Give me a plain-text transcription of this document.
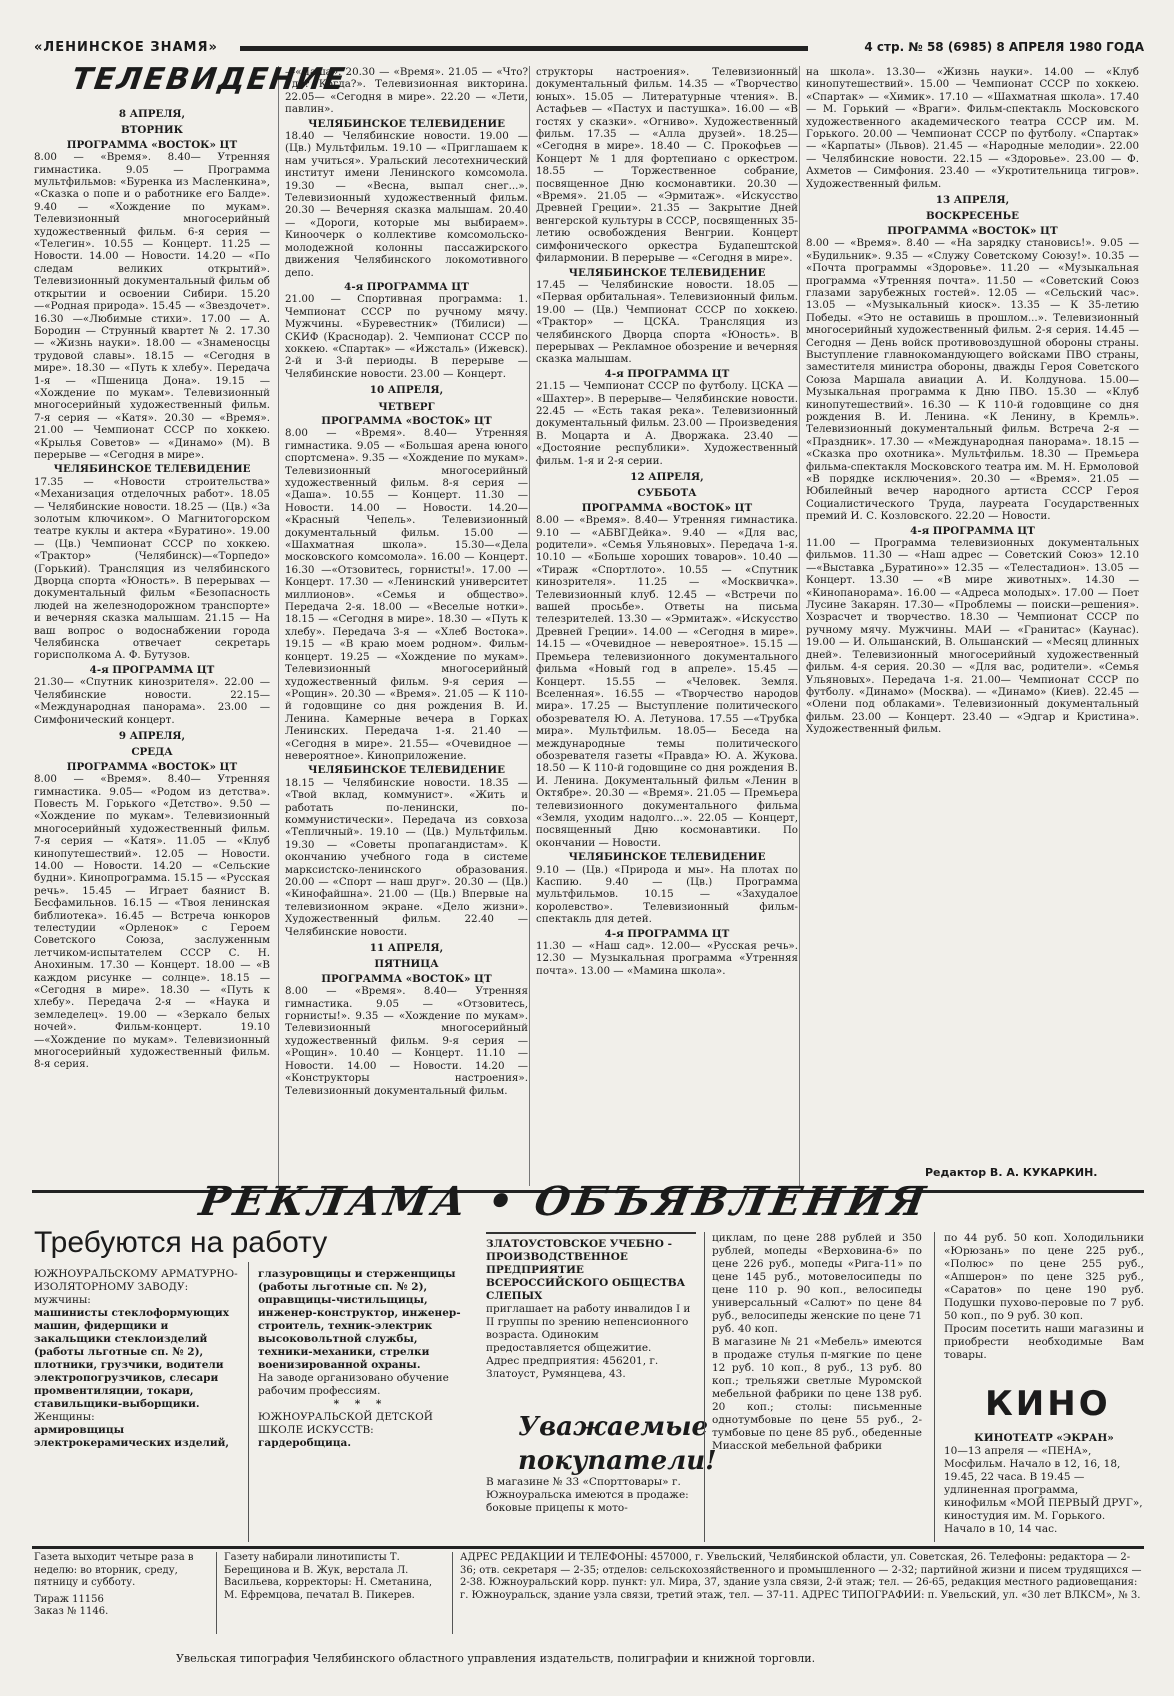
«ЛЕНИНСКОЕ ЗНАМЯ»	4 стр. № 58 (6985) 8 АПРЕЛЯ 1980 ГОДА

8 АПРЕЛЯ,

ВТОРНИК

ПРОГРАММА «ВОСТОК» ЦТ

8.00 — «Время». 8.40— Утренняя гимнастика. 9.05 — Программа мультфильмов: «Буренка из Масленкина», «Сказка о попе и о работнике его Балде». 9.40 — «Хождение по мукам». Телевизионный многосерийный художественный фильм. 6-я серия — «Телегин». 10.55 — Концерт. 11.25 — Новости. 14.00 — Новости. 14.20 — «По следам великих открытий». Телевизионный документальный фильм об открытии и освоении Сибири. 15.20 —«Родная природа». 15.45 — «Звездочет». 16.30 —«Любимые стихи». 17.00 — А. Бородин — Струнный квартет № 2. 17.30 — «Жизнь науки». 18.00 — «Знаменосцы трудовой славы». 18.15 — «Сегодня в мире». 18.30 — «Путь к хлебу». Передача 1-я — «Пшеница Дона». 19.15 — «Хождение по мукам». Телевизионный многосерийный художественный фильм. 7-я серия — «Катя». 20.30 — «Время». 21.00 — Чемпионат СССР по хоккею. «Крылья Советов» — «Динамо» (М). В перерыве — «Сегодня в мире».

ЧЕЛЯБИНСКОЕ ТЕЛЕВИДЕНИЕ

17.35 — «Новости строительства» «Механизация отделочных работ». 18.05 — Челябинские новости. 18.25 — (Цв.) «За золотым ключиком». О Магнитогорском театре куклы и актера «Буратино». 19.00 — (Цв.) Чемпионат СССР по хоккею. «Трактор» (Челябинск)—«Торпедо» (Горький). Трансляция из челябинского Дворца спорта «Юность». В перерывах — документальный фильм «Безопасность людей на железнодорожном транспорте» и вечерняя сказка малышам. 21.15 — На ваш вопрос о водоснабжении города Челябинска отвечает секретарь горисполкома А. Ф. Бутузов.

4-я ПРОГРАММА ЦТ

21.30— «Спутник кинозрителя». 22.00 — Челябинские новости. 22.15— «Международная панорама». 23.00 — Симфонический концерт.

9 АПРЕЛЯ,

СРЕДА

ПРОГРАММА «ВОСТОК» ЦТ

8.00 — «Время». 8.40— Утренняя гимнастика. 9.05— «Родом из детства». Повесть М. Горького «Детство». 9.50 — «Хождение по мукам». Телевизионный многосерийный художественный фильм. 7-я серия — «Катя». 11.05 — «Клуб кинопутешествий». 12.05 — Новости. 14.00 — Новости. 14.20 — «Сельские будни». Кинопрограмма. 15.15 — «Русская речь». 15.45 — Играет баянист В. Бесфамильнов. 16.15 — «Твоя ленинская библиотека». 16.45 — Встреча юнкоров телестудии «Орленок» с Героем Советского Союза, заслуженным летчиком-испытателем СССР С. Н. Анохиным. 17.30 — Концерт. 18.00 — «В каждом рисунке — солнце». 18.15 — «Сегодня в мире». 18.30 — «Путь к хлебу». Передача 2-я — «Наука и земледелец». 19.00 — «Зеркало белых ночей». Фильм-концерт. 19.10—«Хождение по мукам». Телевизионный многосерийный художественный фильм. 8-я серия.

—«Даша». 20.30 — «Время». 21.05 — «Что? Где? Когда?». Телевизионная викторина. 22.05— «Сегодня в мире». 22.20 — «Лети, павлин».

ЧЕЛЯБИНСКОЕ ТЕЛЕВИДЕНИЕ

18.40 — Челябинские новости. 19.00 — (Цв.) Мультфильм. 19.10 — «Приглашаем к нам учиться». Уральский лесотехнический институт имени Ленинского комсомола. 19.30 — «Весна, выпал снег...». Телевизионный художественный фильм. 20.30 — Вечерняя сказка малышам. 20.40 — «Дороги, которые мы выбираем». Киноочерк о коллективе комсомольско-молодежной колонны пассажирского движения Челябинского локомотивного депо.

4-я ПРОГРАММА ЦТ

21.00 — Спортивная программа: 1. Чемпионат СССР по ручному мячу. Мужчины. «Буревестник» (Тбилиси) — СКИФ (Краснодар). 2. Чемпионат СССР по хоккею. «Спартак» — «Ижсталь» (Ижевск). 2-й и 3-й периоды. В перерыве — Челябинские новости. 23.00 — Концерт.

10 АПРЕЛЯ,

ЧЕТВЕРГ

ПРОГРАММА «ВОСТОК» ЦТ

8.00 — «Время». 8.40— Утренняя гимнастика. 9.05 — «Большая арена юного спортсмена». 9.35 — «Хождение по мукам». Телевизионный многосерийный художественный фильм. 8-я серия — «Даша». 10.55 — Концерт. 11.30 — Новости. 14.00 — Новости. 14.20— «Красный Чепель». Телевизионный документальный фильм. 15.00 — «Шахматная школа». 15.30—«Дела московского комсомола». 16.00 — Концерт. 16.30 —«Отзовитесь, горнисты!». 17.00 — Концерт. 17.30 — «Ленинский университет миллионов». «Семья и общество». Передача 2-я. 18.00 — «Веселые нотки». 18.15 — «Сегодня в мире». 18.30 — «Путь к хлебу». Передача 3-я — «Хлеб Востока». 19.15 — «В краю моем родном». Фильм-концерт. 19.25 — «Хождение по мукам». Телевизионный многосерийный художественный фильм. 9-я серия — «Рощин». 20.30 — «Время». 21.05 — К 110-й годовщине со дня рождения В. И. Ленина. Камерные вечера в Горках Ленинских. Передача 1-я. 21.40 — «Сегодня в мире». 21.55— «Очевидное — невероятное». Киноприложение.

ЧЕЛЯБИНСКОЕ ТЕЛЕВИДЕНИЕ

18.15 — Челябинские новости. 18.35 — «Твой вклад, коммунист». «Жить и работать по-ленински, по-коммунистически». Передача из совхоза «Тепличный». 19.10 — (Цв.) Мультфильм. 19.30 — «Советы пропагандистам». К окончанию учебного года в системе марксистско-ленинского образования. 20.00 — «Спорт — наш друг». 20.30 — (Цв.) «Кинофайшна». 21.00 — (Цв.) Впервые на телевизионном экране. «Дело жизни». Художественный фильм. 22.40 — Челябинские новости.

11 АПРЕЛЯ,

ПЯТНИЦА

ПРОГРАММА «ВОСТОК» ЦТ

8.00 — «Время». 8.40— Утренняя гимнастика. 9.05 — «Отзовитесь, горнисты!». 9.35 — «Хождение по мукам». Телевизионный многосерийный художественный фильм. 9-я серия — «Рощин». 10.40 — Концерт. 11.10 — Новости. 14.00 — Новости. 14.20 — «Конструкторы настроения». Телевизионный документальный фильм.

структоры настроения». Телевизионный документальный фильм. 14.35 — «Творчество юных». 15.05 — Литературные чтения». В. Астафьев — «Пастух и пастушка». 16.00 — «В гостях у сказки». «Огниво». Художественный фильм. 17.35 — «Алла друзей». 18.25— «Сегодня в мире». 18.40 — С. Прокофьев — Концерт № 1 для фортепиано с оркестром. 18.55 — Торжественное собрание, посвященное Дню космонавтики. 20.30 — «Время». 21.05 — «Эрмитаж». «Искусство Древней Греции». 21.35 — Закрытие Дней венгерской культуры в СССР, посвященных 35-летию освобождения Венгрии. Концерт симфонического оркестра Будапештской филармонии. В перерыве — «Сегодня в мире».

ЧЕЛЯБИНСКОЕ ТЕЛЕВИДЕНИЕ

17.45 — Челябинские новости. 18.05 — «Первая орбитальная». Телевизионный фильм. 19.00 — (Цв.) Чемпионат СССР по хоккею. «Трактор» — ЦСКА. Трансляция из челябинского Дворца спорта «Юность». В перерывах — Рекламное обозрение и вечерняя сказка малышам.

4-я ПРОГРАММА ЦТ

21.15 — Чемпионат СССР по футболу. ЦСКА — «Шахтер». В перерыве— Челябинские новости. 22.45 — «Есть такая река». Телевизионный документальный фильм. 23.00 — Произведения В. Моцарта и А. Дворжака. 23.40 — «Достояние республики». Художественный фильм. 1-я и 2-я серии.

12 АПРЕЛЯ,

СУББОТА

ПРОГРАММА «ВОСТОК» ЦТ

8.00 — «Время». 8.40— Утренняя гимнастика. 9.10 — «АБВГДейка». 9.40 — «Для вас, родители». «Семья Ульяновых». Передача 1-я. 10.10 — «Больше хороших товаров». 10.40 — «Тираж «Спортлото». 10.55 — «Спутник кинозрителя». 11.25 — «Москвичка». Телевизионный клуб. 12.45 — «Встречи по вашей просьбе». Ответы на письма телезрителей. 13.30 — «Эрмитаж». «Искусство Древней Греции». 14.00 — «Сегодня в мире». 14.15 — «Очевидное — невероятное». 15.15 — Премьера телевизионного документального фильма «Новый год в апреле». 15.45 — Концерт. 15.55 — «Человек. Земля. Вселенная». 16.55 — «Творчество народов мира». 17.25 — Выступление политического обозревателя Ю. А. Летунова. 17.55 —«Трубка мира». Мультфильм. 18.05— Беседа на международные темы политического обозревателя газеты «Правда» Ю. А. Жукова. 18.50 — К 110-й годовщине со дня рождения В. И. Ленина. Документальный фильм «Ленин в Октябре». 20.30 — «Время». 21.05 — Премьера телевизионного документального фильма «Земля, уходим надолго...». 22.05 — Концерт, посвященный Дню космонавтики. По окончании — Новости.

ЧЕЛЯБИНСКОЕ ТЕЛЕВИДЕНИЕ

9.10 — (Цв.) «Природа и мы». На плотах по Каспию. 9.40 — (Цв.) Программа мультфильмов. 10.15 — «Захудалое королевство». Телевизионный фильм-спектакль для детей.

4-я ПРОГРАММА ЦТ

11.30 — «Наш сад». 12.00— «Русская речь». 12.30 — Музыкальная программа «Утренняя почта». 13.00 — «Мамина школа».

на школа». 13.30— «Жизнь науки». 14.00 — «Клуб кинопутешествий». 15.00 — Чемпионат СССР по хоккею. «Спартак» — «Химик». 17.10 — «Шахматная школа». 17.40— М. Горький — «Враги». Фильм-спектакль Московского художественного академического театра СССР им. М. Горького. 20.00 — Чемпионат СССР по футболу. «Спартак» — «Карпаты» (Львов). 21.45 — «Народные мелодии». 22.00 — Челябинские новости. 22.15 — «Здоровье». 23.00 — Ф. Ахметов — Симфония. 23.40 — «Укротительница тигров». Художественный фильм.

13 АПРЕЛЯ,

ВОСКРЕСЕНЬЕ

ПРОГРАММА «ВОСТОК» ЦТ

8.00 — «Время». 8.40 — «На зарядку становись!». 9.05 — «Будильник». 9.35 — «Служу Советскому Союзу!». 10.35 — «Почта программы «Здоровье». 11.20 — «Музыкальная программа «Утренняя почта». 11.50 — «Советский Союз глазами зарубежных гостей». 12.05 — «Сельский час». 13.05 — «Музыкальный киоск». 13.35 — К 35-летию Победы. «Это не оставишь в прошлом...». Телевизионный многосерийный художественный фильм. 2-я серия. 14.45 — Сегодня — День войск противовоздушной обороны страны. Выступление главнокомандующего войсками ПВО страны, заместителя министра обороны, дважды Героя Советского Союза Маршала авиации А. И. Колдунова. 15.00— Музыкальная программа к Дню ПВО. 15.30 — «Клуб кинопутешествий». 16.30 — К 110-й годовщине со дня рождения В. И. Ленина. «К Ленину, в Кремль». Телевизионный документальный фильм. Встреча 2-я — «Праздник». 17.30 — «Международная панорама». 18.15 — «Сказка про охотника». Мультфильм. 18.30 — Премьера фильма-спектакля Московского театра им. М. Н. Ермоловой «В порядке исключения». 20.30 — «Время». 21.05 — Юбилейный вечер народного артиста СССР Героя Социалистического Труда, лауреата Государственных премий И. С. Козловского. 22.20 — Новости.

4-я ПРОГРАММА ЦТ

11.00 — Программа телевизионных документальных фильмов. 11.30 — «Наш адрес — Советский Союз» 12.10 —«Выставка „Буратино»» 12.35 — «Телестадион». 13.05 — Концерт. 13.30 — «В мире животных». 14.30 — «Кинопанорама». 16.00 — «Адреса молодых». 17.00 — Поет Лусине Закарян. 17.30— «Проблемы — поиски—решения». Хозрасчет и творчество. 18.30 — Чемпионат СССР по ручному мячу. Мужчины. МАИ — «Гранитас» (Каунас). 19.00 — И. Ольшанский, В. Ольшанский — «Месяц длинных дней». Телевизионный многосерийный художественный фильм. 4-я серия. 20.30 — «Для вас, родители». «Семья Ульяновых». Передача 1-я. 21.00— Чемпионат СССР по футболу. «Динамо» (Москва). — «Динамо» (Киев). 22.45 — «Олени под облаками». Телевизионный документальный фильм. 23.00 — Концерт. 23.40 — «Эдгар и Кристина». Художественный фильм.

ТЕЛЕВИДЕНИЕ
Редактор В. А. КУКАРКИН.
РЕКЛАМА • ОБЪЯВЛЕНИЯ
Требуются на работу

ЮЖНОУРАЛЬСКОМУ АРМАТУРНО-ИЗОЛЯТОРНОМУ ЗАВОДУ:

мужчины:

машинисты стеклоформующих машин, фидерщики и закальщики стеклоизделий (работы льготные сп. № 2), плотники, грузчики, водители электропогрузчиков, слесари промвентиляции, токари, ставильщики-выборщики.

Женщины:

армировщицы электрокерамических изделий,

глазуровщицы и стерженщицы (работы льготные сп. № 2), оправщицы-чистильщицы, инженер-конструктор, инженер-строитель, техник-электрик высоковольтной службы, техники-механики, стрелки военизированной охраны.

На заводе организовано обучение рабочим профессиям.

* * *

ЮЖНОУРАЛЬСКОЙ ДЕТСКОЙ ШКОЛЕ ИСКУССТВ:

гардеробщица.

ЗЛАТОУСТОВСКОЕ УЧЕБНО - ПРОИЗВОДСТВЕННОЕ ПРЕДПРИЯТИЕ ВСЕРОССИЙСКОГО ОБЩЕСТВА СЛЕПЫХ

приглашает на работу инвалидов I и II группы по зрению непенсионного возраста. Одиноким предоставляется общежитие.

Адрес предприятия: 456201, г. Златоуст, Румянцева, 43.

Уважаемые покупатели!

В магазине № 33 «Спорттовары» г. Южноуральска имеются в продаже: боковые прицепы к мото-

циклам, по цене 288 рублей и 350 рублей, мопеды «Верховина-6» по цене 226 руб., мопеды «Рига-11» по цене 145 руб., мотовелосипеды по цене 110 р. 90 коп., велосипеды универсальный «Салют» по цене 84 руб., велосипеды женские по цене 71 руб. 40 коп.

В магазине № 21 «Мебель» имеются в продаже стулья п-мягкие по цене 12 руб. 10 коп., 8 руб., 13 руб. 80 коп.; трельяжи светлые Муромской мебельной фабрики по цене 138 руб. 20 коп.; столы: письменные однотумбовые по цене 55 руб., 2-тумбовые по цене 85 руб., обеденные Миасской мебельной фабрики

по 44 руб. 50 коп. Холодильники «Юрюзань» по цене 225 руб., «Полюс» по цене 255 руб., «Апшерон» по цене 325 руб., «Саратов» по цене 190 руб. Подушки пухово-перовые по 7 руб. 50 коп., по 9 руб. 30 коп.

Просим посетить наши магазины и приобрести необходимые Вам товары.

КИНО

КИНОТЕАТР «ЭКРАН»

10—13 апреля — «ПЕНА», Мосфильм. Начало в 12, 16, 18, 19.45, 22 часа. В 19.45 — удлиненная программа, кинофильм «МОЙ ПЕРВЫЙ ДРУГ», киностудия им. М. Горького. Начало в 10, 14 час.

Газета выходит четыре раза в неделю: во вторник, среду, пятницу и субботу.

Тираж 11156

Заказ № 1146.

Газету набирали линотиписты Т. Берещинова и В. Жук, верстала Л. Васильева, корректоры: Н. Сметанина, М. Ефремцова, печатал В. Пикерев.

АДРЕС РЕДАКЦИИ И ТЕЛЕФОНЫ: 457000, г. Увельский, Челябинской области, ул. Советская, 26. Телефоны: редактора — 2-36; отв. секретаря — 2-35; отделов: сельскохозяйственного и промышленного — 2-32; партийной жизни и писем трудящихся — 2-38. Южноуральский корр. пункт: ул. Мира, 37, здание узла связи, 2-й этаж; тел. — 26-65, редакция местного радиовещания: г. Южноуральск, здание узла связи, третий этаж, тел. — 37-11. АДРЕС ТИПОГРАФИИ: п. Увельский, ул. «30 лет ВЛКСМ», № 3.

Увельская типография Челябинского областного управления издательств, полиграфии и книжной торговли.
